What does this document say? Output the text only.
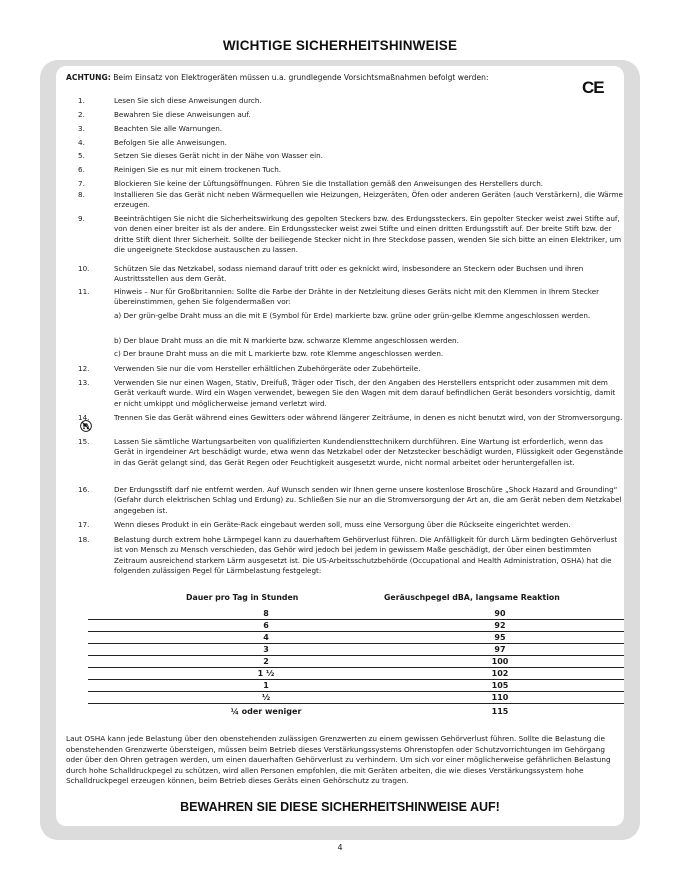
WICHTIGE SICHERHEITSHINWEISE
ACHTUNG: Beim Einsatz von Elektrogeräten müssen u.a. grundlegende Vorsichtsmaßnahmen befolgt werden:
CE
1.	Lesen Sie sich diese Anweisungen durch.
2.	Bewahren Sie diese Anweisungen auf.
3.	Beachten Sie alle Warnungen.
4.	Befolgen Sie alle Anweisungen.
5.	Setzen Sie dieses Gerät nicht in der Nähe von Wasser ein.
6.	Reinigen Sie es nur mit einem trockenen Tuch.
7.	Blockieren Sie keine der Lüftungsöffnungen. Führen Sie die Installation gemäß den Anweisungen des Herstellers durch.
8.	Installieren Sie das Gerät nicht neben Wärmequellen wie Heizungen, Heizgeräten, Öfen oder anderen Geräten (auch Verstärkern), die Wärme erzeugen.
9.	Beeinträchtigen Sie nicht die Sicherheitswirkung des gepolten Steckers bzw. des Erdungssteckers. Ein gepolter Stecker weist zwei Stifte auf, von denen einer breiter ist als der andere. Ein Erdungsstecker weist zwei Stifte und einen dritten Erdungsstift auf. Der breite Stift bzw. der dritte Stift dient Ihrer Sicherheit. Sollte der beiliegende Stecker nicht in Ihre Steckdose passen, wenden Sie sich bitte an einen Elektriker, um die ungeeignete Steckdose austauschen zu lassen.
10.	Schützen Sie das Netzkabel, sodass niemand darauf tritt oder es geknickt wird, insbesondere an Steckern oder Buchsen und ihren Austrittsstellen aus dem Gerät.
11.	Hinweis – Nur für Großbritannien: Sollte die Farbe der Drähte in der Netzleitung dieses Geräts nicht mit den Klemmen in Ihrem Stecker übereinstimmen, gehen Sie folgendermaßen vor:
a) Der grün-gelbe Draht muss an die mit E (Symbol für Erde) markierte bzw. grüne oder grün-gelbe Klemme angeschlossen werden.
b) Der blaue Draht muss an die mit N markierte bzw. schwarze Klemme angeschlossen werden.
c) Der braune Draht muss an die mit L markierte bzw. rote Klemme angeschlossen werden.
12.	Verwenden Sie nur die vom Hersteller erhältlichen Zubehörgeräte oder Zubehörteile.
13.	Verwenden Sie nur einen Wagen, Stativ, Dreifuß, Träger oder Tisch, der den Angaben des Herstellers entspricht oder zusammen mit dem Gerät verkauft wurde. Wird ein Wagen verwendet, bewegen Sie den Wagen mit dem darauf befindlichen Gerät besonders vorsichtig, damit er nicht umkippt und möglicherweise jemand verletzt wird.
14.	Trennen Sie das Gerät während eines Gewitters oder während längerer Zeiträume, in denen es nicht benutzt wird, von der Stromversorgung.
15.	Lassen Sie sämtliche Wartungsarbeiten von qualifizierten Kundendiensttechnikern durchführen. Eine Wartung ist erforderlich, wenn das Gerät in irgendeiner Art beschädigt wurde, etwa wenn das Netzkabel oder der Netzstecker beschädigt wurden, Flüssigkeit oder Gegenstände in das Gerät gelangt sind, das Gerät Regen oder Feuchtigkeit ausgesetzt wurde, nicht normal arbeitet oder heruntergefallen ist.
16.	Der Erdungsstift darf nie entfernt werden. Auf Wunsch senden wir Ihnen gerne unsere kostenlose Broschüre „Shock Hazard and Grounding“ (Gefahr durch elektrischen Schlag und Erdung) zu. Schließen Sie nur an die Stromversorgung der Art an, die am Gerät neben dem Netzkabel angegeben ist.
17.	Wenn dieses Produkt in ein Geräte-Rack eingebaut werden soll, muss eine Versorgung über die Rückseite eingerichtet werden.
18.	Belastung durch extrem hohe Lärmpegel kann zu dauerhaftem Gehörverlust führen. Die Anfälligkeit für durch Lärm bedingten Gehörverlust ist von Mensch zu Mensch verschieden, das Gehör wird jedoch bei jedem in gewissem Maße geschädigt, der über einen bestimmten Zeitraum ausreichend starkem Lärm ausgesetzt ist. Die US-Arbeitsschutzbehörde (Occupational and Health Administration, OSHA) hat die folgenden zulässigen Pegel für Lärmbelastung festgelegt:
Dauer pro Tag in Stunden	Geräuschpegel dBA, langsame Reaktion
8	90
6	92
4	95
3	97
2	100
1 ½	102
1	105
½	110
¼ oder weniger	115
Laut OSHA kann jede Belastung über den obenstehenden zulässigen Grenzwerten zu einem gewissen Gehörverlust führen. Sollte die Belastung die obenstehenden Grenzwerte übersteigen, müssen beim Betrieb dieses Verstärkungssystems Ohrenstopfen oder Schutzvorrichtungen im Gehörgang oder über den Ohren getragen werden, um einen dauerhaften Gehörverlust zu verhindern. Um sich vor einer möglicherweise gefährlichen Belastung durch hohe Schalldruckpegel zu schützen, wird allen Personen empfohlen, die mit Geräten arbeiten, die wie dieses Verstärkungssystem hohe Schalldruckpegel erzeugen können, beim Betrieb dieses Geräts einen Gehörschutz zu tragen.
BEWAHREN SIE DIESE SICHERHEITSHINWEISE AUF!
4
